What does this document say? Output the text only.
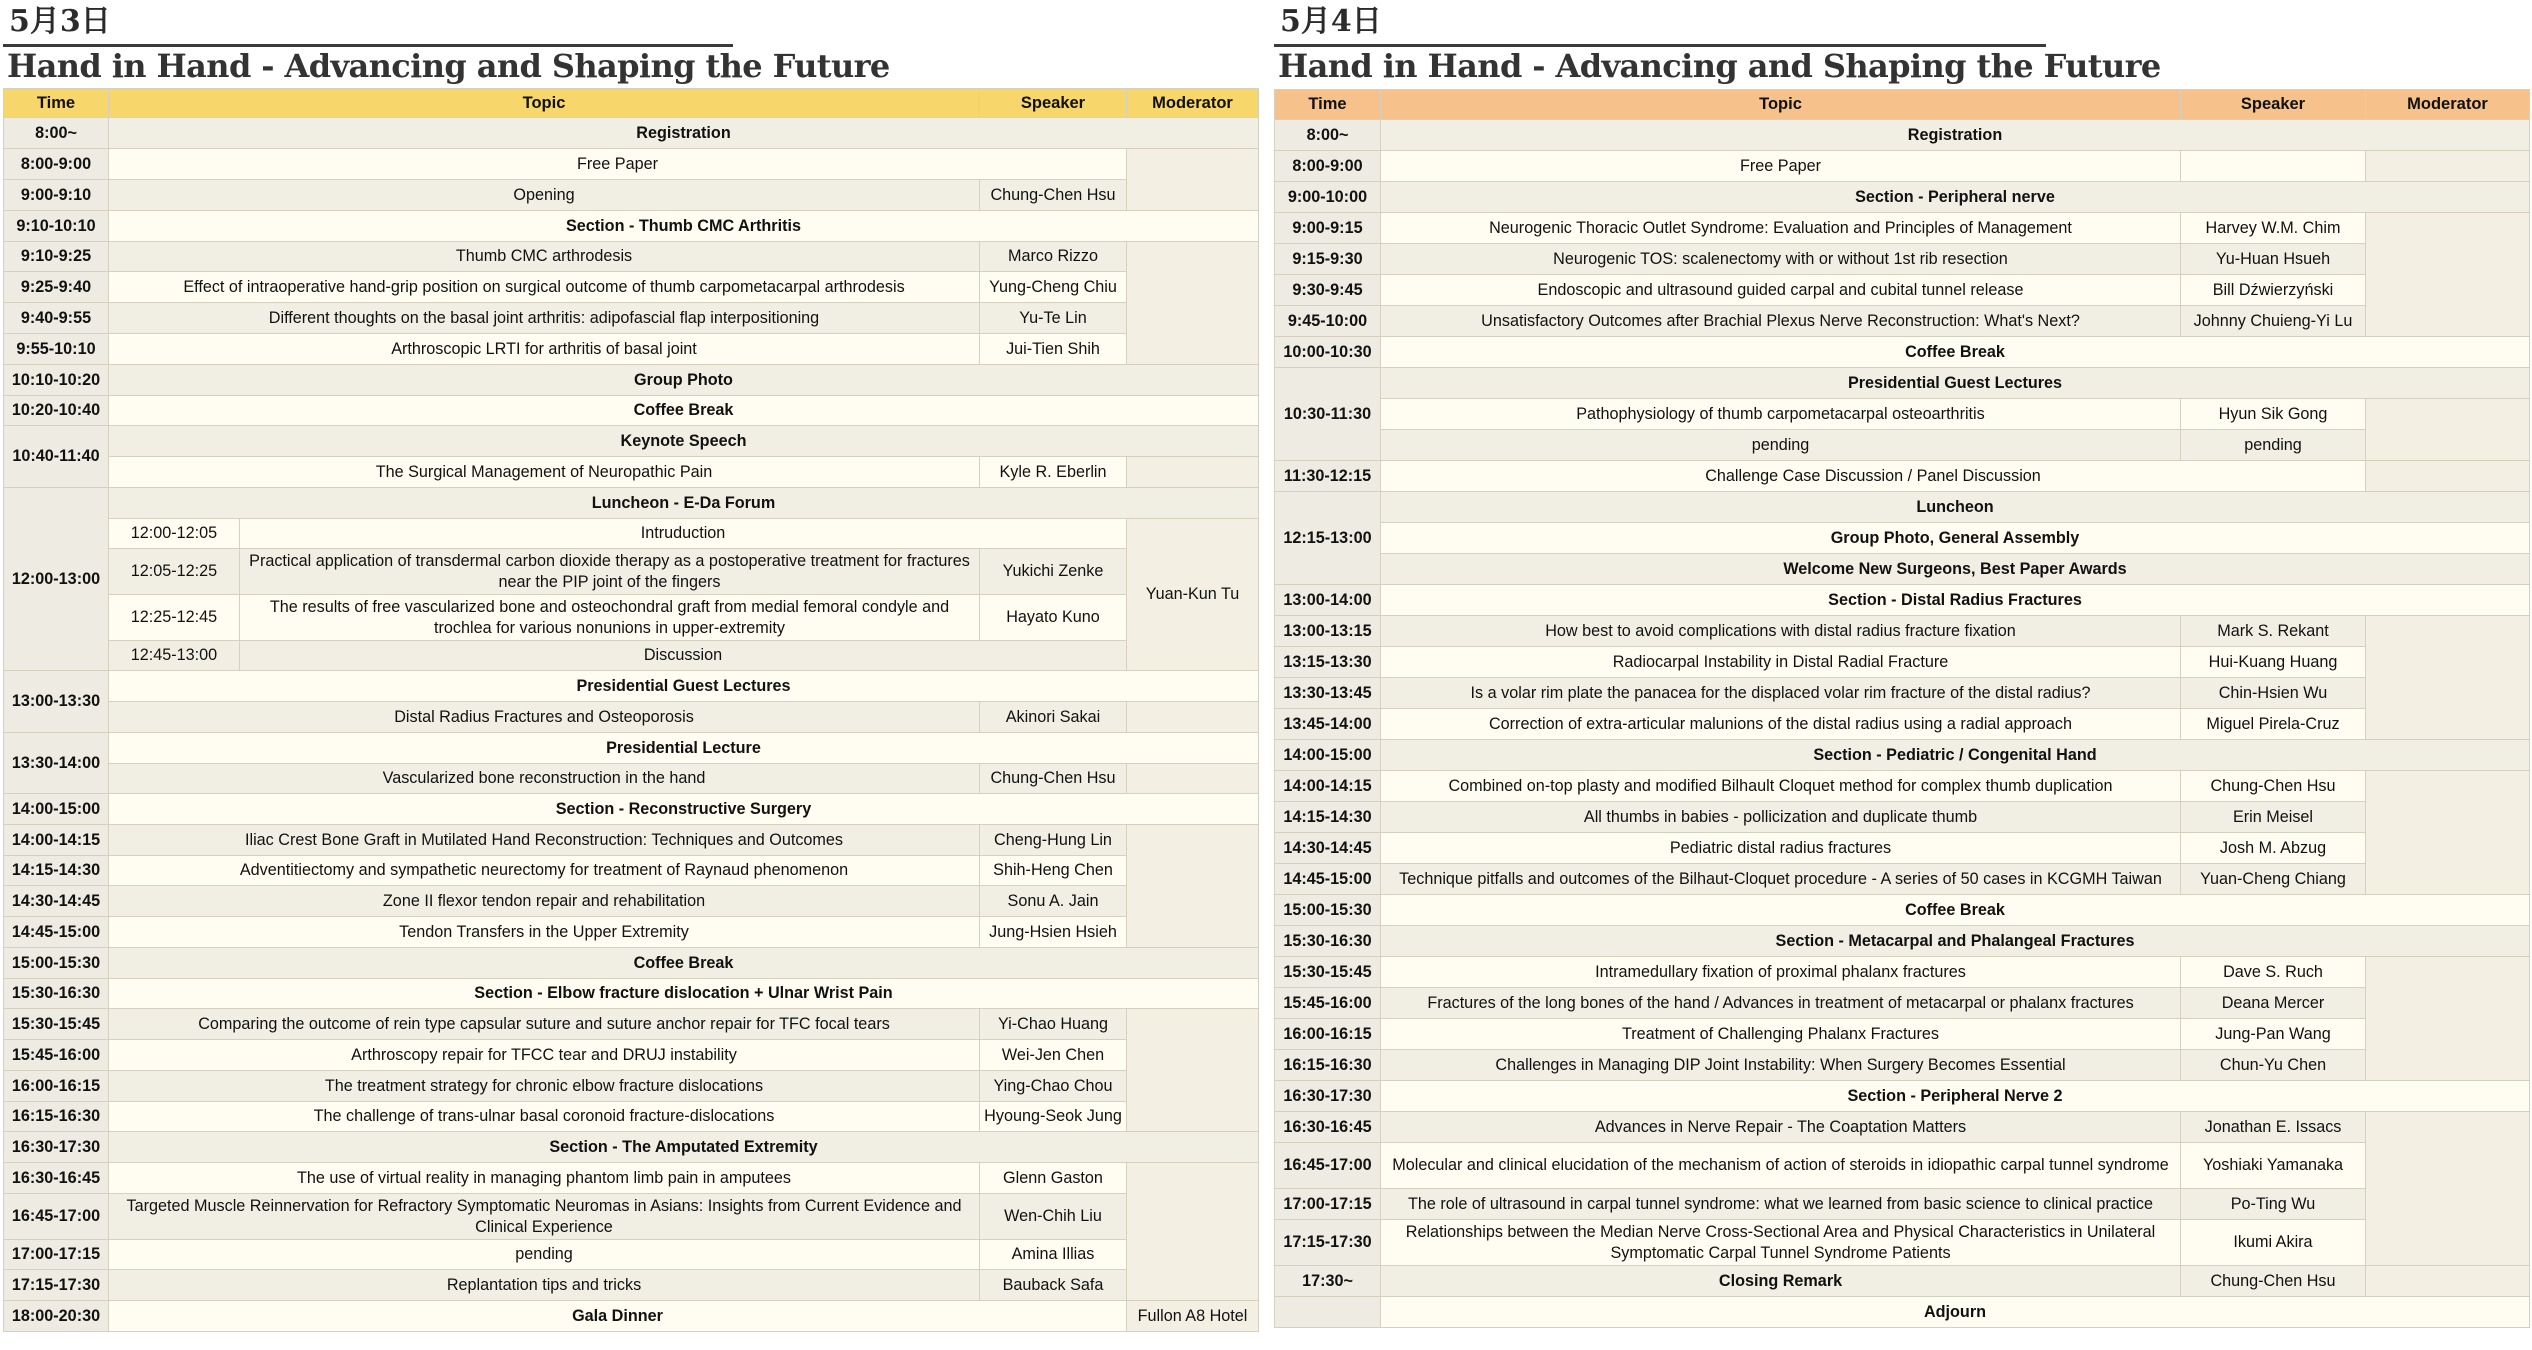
5月3日
Hand in Hand - Advancing and Shaping the Future
Time	Topic		Speaker	Moderator
8:00~	Registration			
8:00-9:00	Free Paper			
9:00-9:10	Opening		Chung-Chen Hsu	
9:10-10:10	Section - Thumb CMC Arthritis			
9:10-9:25	Thumb CMC arthrodesis		Marco Rizzo	
9:25-9:40	Effect of intraoperative hand-grip position on surgical outcome of thumb carpometacarpal arthrodesis		Yung-Cheng Chiu	
9:40-9:55	Different thoughts on the basal joint arthritis: adipofascial flap interpositioning		Yu-Te Lin	
9:55-10:10	Arthroscopic LRTI for arthritis of basal joint		Jui-Tien Shih	
10:10-10:20	Group Photo			
10:20-10:40	Coffee Break			
10:40-11:40	Keynote Speech			
	The Surgical Management of Neuropathic Pain		Kyle R. Eberlin	
12:00-13:00	Luncheon - E-Da Forum			
	12:00-12:05	Intruduction		Yuan-Kun Tu
	12:05-12:25	Practical application of transdermal carbon dioxide therapy as a postoperative treatment for fractures near the PIP joint of the fingers	Yukichi Zenke	
	12:25-12:45	The results of free vascularized bone and osteochondral graft from medial femoral condyle and trochlea for various nonunions in upper-extremity	Hayato Kuno	
	12:45-13:00	Discussion		
13:00-13:30	Presidential Guest Lectures			
	Distal Radius Fractures and Osteoporosis		Akinori Sakai	
13:30-14:00	Presidential Lecture			
	Vascularized bone reconstruction in the hand		Chung-Chen Hsu	
14:00-15:00	Section - Reconstructive Surgery			
14:00-14:15	Iliac Crest Bone Graft in Mutilated Hand Reconstruction: Techniques and Outcomes		Cheng-Hung Lin	
14:15-14:30	Adventitiectomy and sympathetic neurectomy for treatment of Raynaud phenomenon		Shih-Heng Chen	
14:30-14:45	Zone II flexor tendon repair and rehabilitation		Sonu A. Jain	
14:45-15:00	Tendon Transfers in the Upper Extremity		Jung-Hsien Hsieh	
15:00-15:30	Coffee Break			
15:30-16:30	Section - Elbow fracture dislocation + Ulnar Wrist Pain			
15:30-15:45	Comparing the outcome of rein type capsular suture and suture anchor repair for TFC focal tears		Yi-Chao Huang	
15:45-16:00	Arthroscopy repair for TFCC tear and DRUJ instability		Wei-Jen Chen	
16:00-16:15	The treatment strategy for chronic elbow fracture dislocations		Ying-Chao Chou	
16:15-16:30	The challenge of trans-ulnar basal coronoid fracture-dislocations		Hyoung-Seok Jung	
16:30-17:30	Section - The Amputated Extremity			
16:30-16:45	The use of virtual reality in managing phantom limb pain in amputees		Glenn Gaston	
16:45-17:00	Targeted Muscle Reinnervation for Refractory Symptomatic Neuromas in Asians: Insights from Current Evidence and Clinical Experience		Wen-Chih Liu	
17:00-17:15	pending		Amina Illias	
17:15-17:30	Replantation tips and tricks		Bauback Safa	
18:00-20:30	Gala Dinner			Fullon A8 Hotel
5月4日
Hand in Hand - Advancing and Shaping the Future
Time	Topic	Speaker	Moderator
8:00~	Registration		
8:00-9:00	Free Paper		
9:00-10:00	Section - Peripheral nerve		
9:00-9:15	Neurogenic Thoracic Outlet Syndrome: Evaluation and Principles of Management	Harvey W.M. Chim	
9:15-9:30	Neurogenic TOS: scalenectomy with or without 1st rib resection	Yu-Huan Hsueh	
9:30-9:45	Endoscopic and ultrasound guided carpal and cubital tunnel release	Bill Dźwierzyński	
9:45-10:00	Unsatisfactory Outcomes after Brachial Plexus Nerve Reconstruction: What's Next?	Johnny Chuieng-Yi Lu	
10:00-10:30	Coffee Break		
10:30-11:30	Presidential Guest Lectures		
	Pathophysiology of thumb carpometacarpal osteoarthritis	Hyun Sik Gong	
	pending	pending	
11:30-12:15	Challenge Case Discussion / Panel Discussion		
12:15-13:00	Luncheon		
	Group Photo, General Assembly		
	Welcome New Surgeons, Best Paper Awards		
13:00-14:00	Section - Distal Radius Fractures		
13:00-13:15	How best to avoid complications with distal radius fracture fixation	Mark S. Rekant	
13:15-13:30	Radiocarpal Instability in Distal Radial Fracture	Hui-Kuang Huang	
13:30-13:45	Is a volar rim plate the panacea for the displaced volar rim fracture of the distal radius?	Chin-Hsien Wu	
13:45-14:00	Correction of extra-articular malunions of the distal radius using a radial approach	Miguel Pirela-Cruz	
14:00-15:00	Section - Pediatric / Congenital Hand		
14:00-14:15	Combined on-top plasty and modified Bilhault Cloquet method for complex thumb duplication	Chung-Chen Hsu	
14:15-14:30	All thumbs in babies - pollicization and duplicate thumb	Erin Meisel	
14:30-14:45	Pediatric distal radius fractures	Josh M. Abzug	
14:45-15:00	Technique pitfalls and outcomes of the Bilhaut-Cloquet procedure - A series of 50 cases in KCGMH Taiwan	Yuan-Cheng Chiang	
15:00-15:30	Coffee Break		
15:30-16:30	Section - Metacarpal and Phalangeal Fractures		
15:30-15:45	Intramedullary fixation of proximal phalanx fractures	Dave S. Ruch	
15:45-16:00	Fractures of the long bones of the hand / Advances in treatment of metacarpal or phalanx fractures	Deana Mercer	
16:00-16:15	Treatment of Challenging Phalanx Fractures	Jung-Pan Wang	
16:15-16:30	Challenges in Managing DIP Joint Instability: When Surgery Becomes Essential	Chun-Yu Chen	
16:30-17:30	Section - Peripheral Nerve 2		
16:30-16:45	Advances in Nerve Repair - The Coaptation Matters	Jonathan E. Issacs	
16:45-17:00	Molecular and clinical elucidation of the mechanism of action of steroids in idiopathic carpal tunnel syndrome	Yoshiaki Yamanaka	
17:00-17:15	The role of ultrasound in carpal tunnel syndrome: what we learned from basic science to clinical practice	Po-Ting Wu	
17:15-17:30	Relationships between the Median Nerve Cross-Sectional Area and Physical Characteristics in Unilateral Symptomatic Carpal Tunnel Syndrome Patients	Ikumi Akira	
17:30~	Closing Remark	Chung-Chen Hsu	
	Adjourn		
